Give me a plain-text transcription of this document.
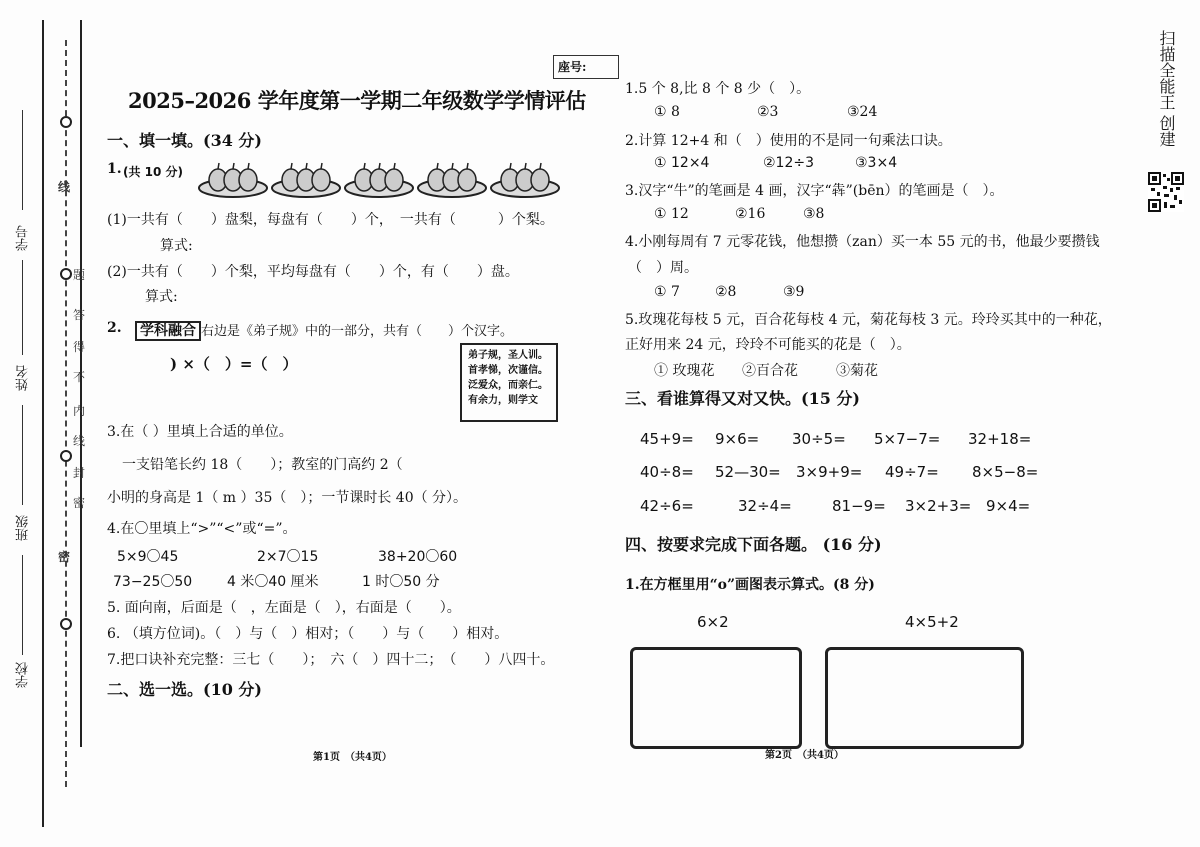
学号
姓名
班级
学校
线
题
答
得
不
内
线
封
密
密
2025–2026 学年度第一学期二年级数学学情评估
座号:
一、填一填。(34 分)
1. (共 10 分)
(1)一共有（　　）盘梨，每盘有（　　）个，　一共有（　　　）个梨。
算式:
(2)一共有（　　）个梨，平均每盘有（　　）个，有（　　）盘。
算式:
2.	学科融合 右边是《弟子规》中的一部分，共有（　　）个汉字。
) ×（　）=（　）	弟子规，圣人训。
首孝悌，次谨信。
泛爱众，而亲仁。
有余力，则学文
3.在（ ）里填上合适的单位。
一支铅笔长约 18（　　）；教室的门高约 2（
小明的身高是 1（ m ）35（　）；一节课时长 40（ 分）。
4.在〇里填上“>”“<”或“=”。
5×9〇45	2×7〇15	38+20〇60
73−25〇50 4 米〇40 厘米	1 时〇50 分
5. 面向南，后面是（　，左面是（　），右面是（　　）。
6. （填方位词)。（　）与（　）相对；（　　）与（　　）相对。
7.把口诀补充完整：三七（　　）；　六（　）四十二；　（　　）八四十。
二、选一选。(10 分)
第1页　（共4页）
1.5 个 8,比 8 个 8 少（　）。
① 8	②3	③24
2.计算 12+4 和（　）使用的不是同一句乘法口诀。
① 12×4	②12÷3	③3×4
3.汉字“牛”的笔画是 4 画，汉字“犇”(bēn）的笔画是（　）。
① 12	②16	③8
4.小刚每周有 7 元零花钱，他想攒（zan）买一本 55 元的书，他最少要攒钱
（　）周。
① 7	②8	③9
5.玫瑰花每枝 5 元，百合花每枝 4 元，菊花每枝 3 元。玲玲买其中的一种花，
正好用来 24 元，玲玲不可能买的花是（　）。
① 玫瑰花 ②百合花	③菊花
三、看谁算得又对又快。(15 分)
45+9= 9×6= 30÷5= 5×7−7= 32+18=
40÷8= 52—30= 3×9+9= 49÷7= 8×5−8=
42÷6=	32÷4=	81−9= 3×2+3= 9×4=
四、按要求完成下面各题。 (16 分)
1.在方框里用“o”画图表示算式。(8 分)
6×2	4×5+2
第2页　（共4页）
扫描全能王 创建
